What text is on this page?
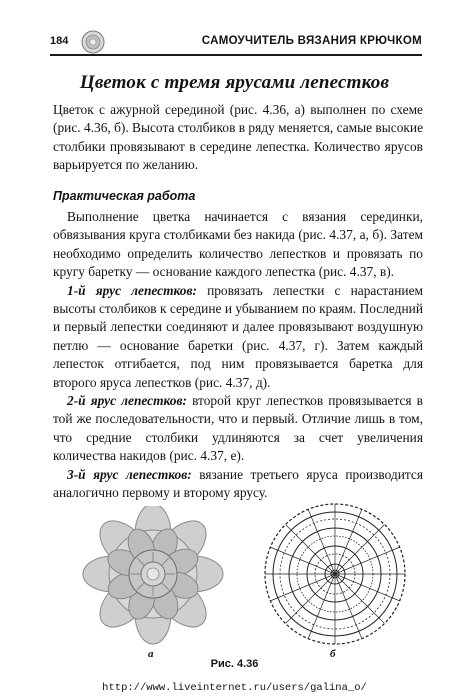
184	САМОУЧИТЕЛЬ ВЯЗАНИЯ КРЮЧКОМ
Цветок с тремя ярусами лепестков
Цветок с ажурной серединой (рис. 4.36, а) выполнен по схеме (рис. 4.36, б). Высота столбиков в ряду меняется, самые высокие столбики провязывают в середине лепестка. Количество ярусов варьируется по желанию.
Практическая работа

Выполнение цветка начинается с вязания серединки, обвязывания круга столбиками без накида (рис. 4.37, а, б). Затем необходимо определить количество лепестков и провязать по кругу баретку — основание каждого лепестка (рис. 4.37, в).

1-й ярус лепестков: провязать лепестки с нарастанием высоты столбиков к середине и убыванием по краям. Последний и первый лепестки соединяют и далее провязывают воздушную петлю — основание баретки (рис. 4.37, г). Затем каждый лепесток отгибается, под ним провязывается баретка для второго яруса лепестков (рис. 4.37, д).

2-й ярус лепестков: второй круг лепестков провязывается в той же последовательности, что и первый. Отличие лишь в том, что средние столбики удлиняются за счет увеличения количества накидов (рис. 4.37, е).

3-й ярус лепестков: вязание третьего яруса производится аналогично первому и второму ярусу.

а	б
Рис. 4.36
http://www.liveinternet.ru/users/galina_o/
